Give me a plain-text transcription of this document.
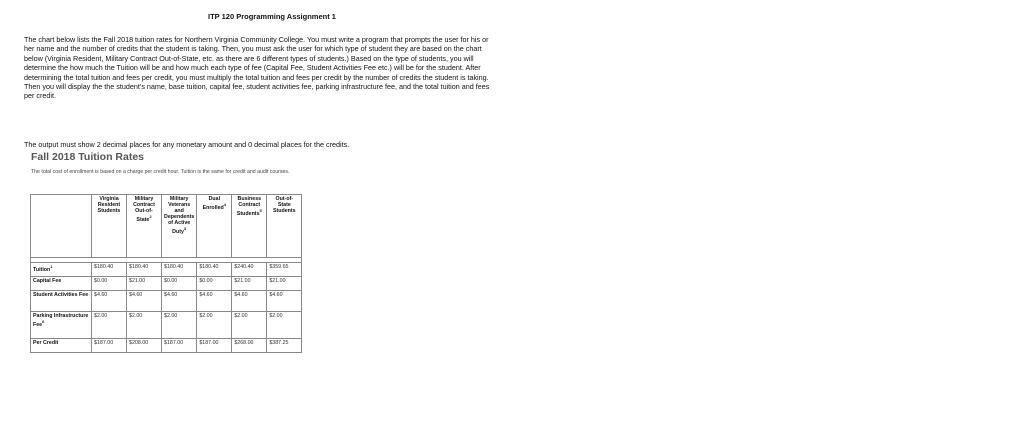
ITP 120 Programming Assignment 1

The chart below lists the Fall 2018 tuition rates for Northern Virginia Community College. You must write a program that prompts the user for his or her name and the number of credits that the student is taking. Then, you must ask the user for which type of student they are based on the chart below (Virginia Resident, Military Contract Out-of-State, etc. as there are 6 different types of students.) Based on the type of students, you will determine the how much the Tuition will be and how much each type of fee (Capital Fee, Student Activities Fee etc.) will be for the student. After determining the total tuition and fees per credit, you must multiply the total tuition and fees per credit by the number of credits the student is taking. Then you will display the the student’s name, base tuition, capital fee, student activities fee, parking infrastructure fee, and the total tuition and fees per credit.

The output must show 2 decimal places for any monetary amount and 0 decimal places for the credits.

Fall 2018 Tuition Rates

The total cost of enrollment is based on a charge per credit hour. Tuition is the same for credit and audit courses.

	Virginia Resident Students	Military Contract Out-of-State$^2$	Military Veterans and Dependents of Active Duty$^3$	Dual Enrolled$^4$	Business Contract Students$^5$	Out-of-State Students

Tuition$^1$	$180.40	$180.40	$180.40	$180.40	$240.40	$359.65
Capital Fee	$0.00	$21.00	$0.00	$0.00	$21.00	$21.00
Student Activities Fee	$4.60	$4.60	$4.60	$4.60	$4.60	$4.60
Parking Infrastructure Fee$^6$	$2.00	$2.00	$2.00	$2.00	$2.00	$2.00
Per Credit	$187.00	$208.00	$187.00	$187.00	$268.00	$387.25
